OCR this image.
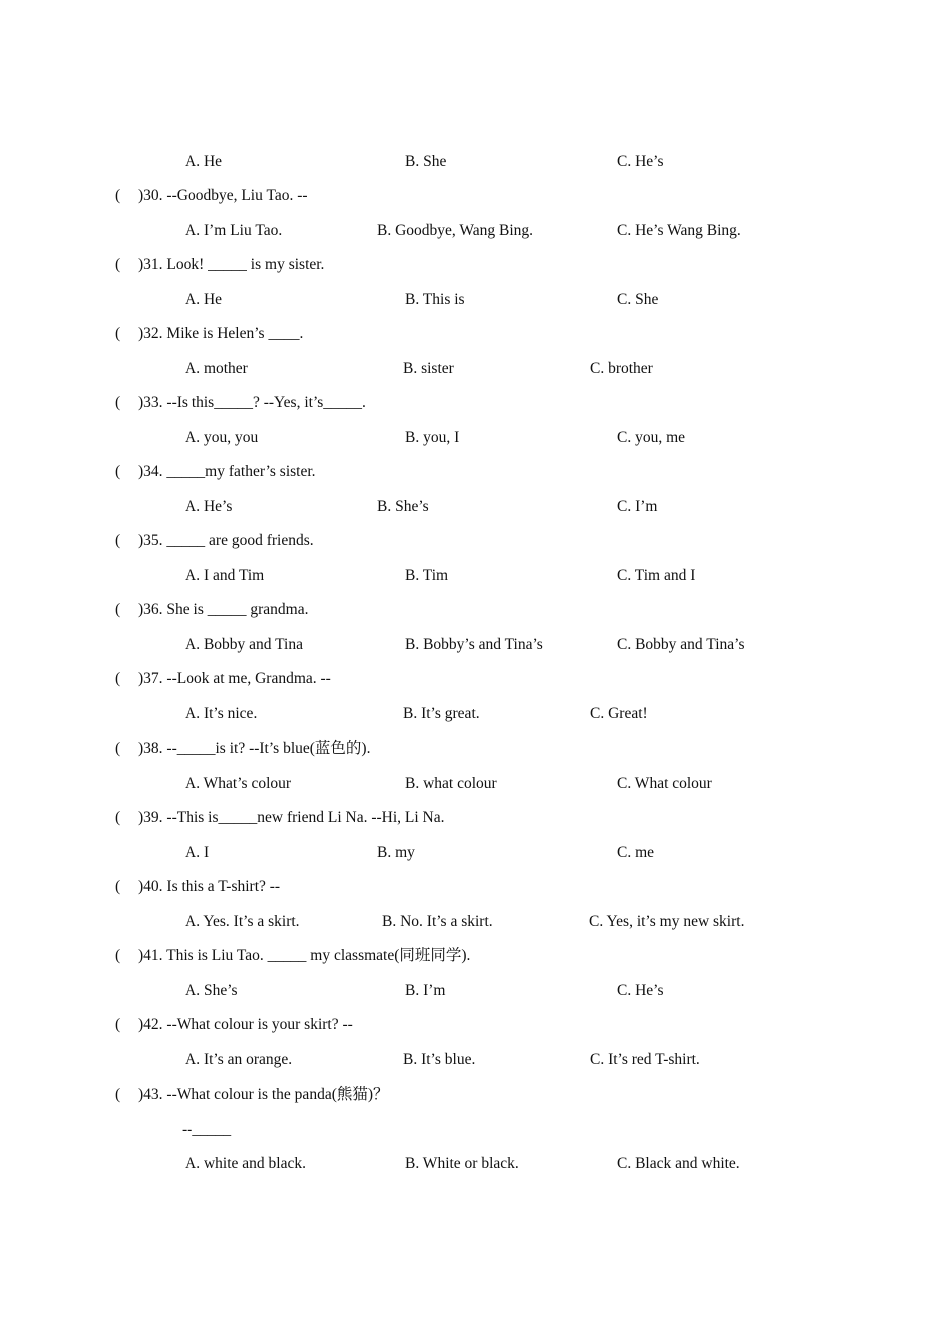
A. He	B. She	C. He’s
( )30. --Goodbye, Liu Tao. --
A. I’m Liu Tao.	B. Goodbye, Wang Bing.	C. He’s Wang Bing.
( )31. Look! _____ is my sister.
A. He	B. This is	C. She
( )32. Mike is Helen’s ____.
A. mother	B. sister	C. brother
( )33. --Is this_____? --Yes, it’s_____.
A. you, you	B. you, I	C. you, me
( )34. _____my father’s sister.
A. He’s	B. She’s	C. I’m
( )35. _____ are good friends.
A. I and Tim	B. Tim	C. Tim and I
( )36. She is _____ grandma.
A. Bobby and Tina	B. Bobby’s and Tina’s	C. Bobby and Tina’s
( )37. --Look at me, Grandma. --
A. It’s nice.	B. It’s great.	C. Great!
( )38. --_____is it? --It’s blue(蓝色的).
A. What’s colour	B. what colour	C. What colour
( )39. --This is_____new friend Li Na. --Hi, Li Na.
A. I	B. my	C. me
( )40. Is this a T-shirt? --
A. Yes. It’s a skirt.	B. No. It’s a skirt.	C. Yes, it’s my new skirt.
( )41. This is Liu Tao. _____ my classmate(同班同学).
A. She’s	B. I’m	C. He’s
( )42. --What colour is your skirt? --
A. It’s an orange.	B. It’s blue.	C. It’s red T-shirt.
( )43. --What colour is the panda(熊猫)？
--_____
A. white and black.	B. White or black.	C. Black and white.
